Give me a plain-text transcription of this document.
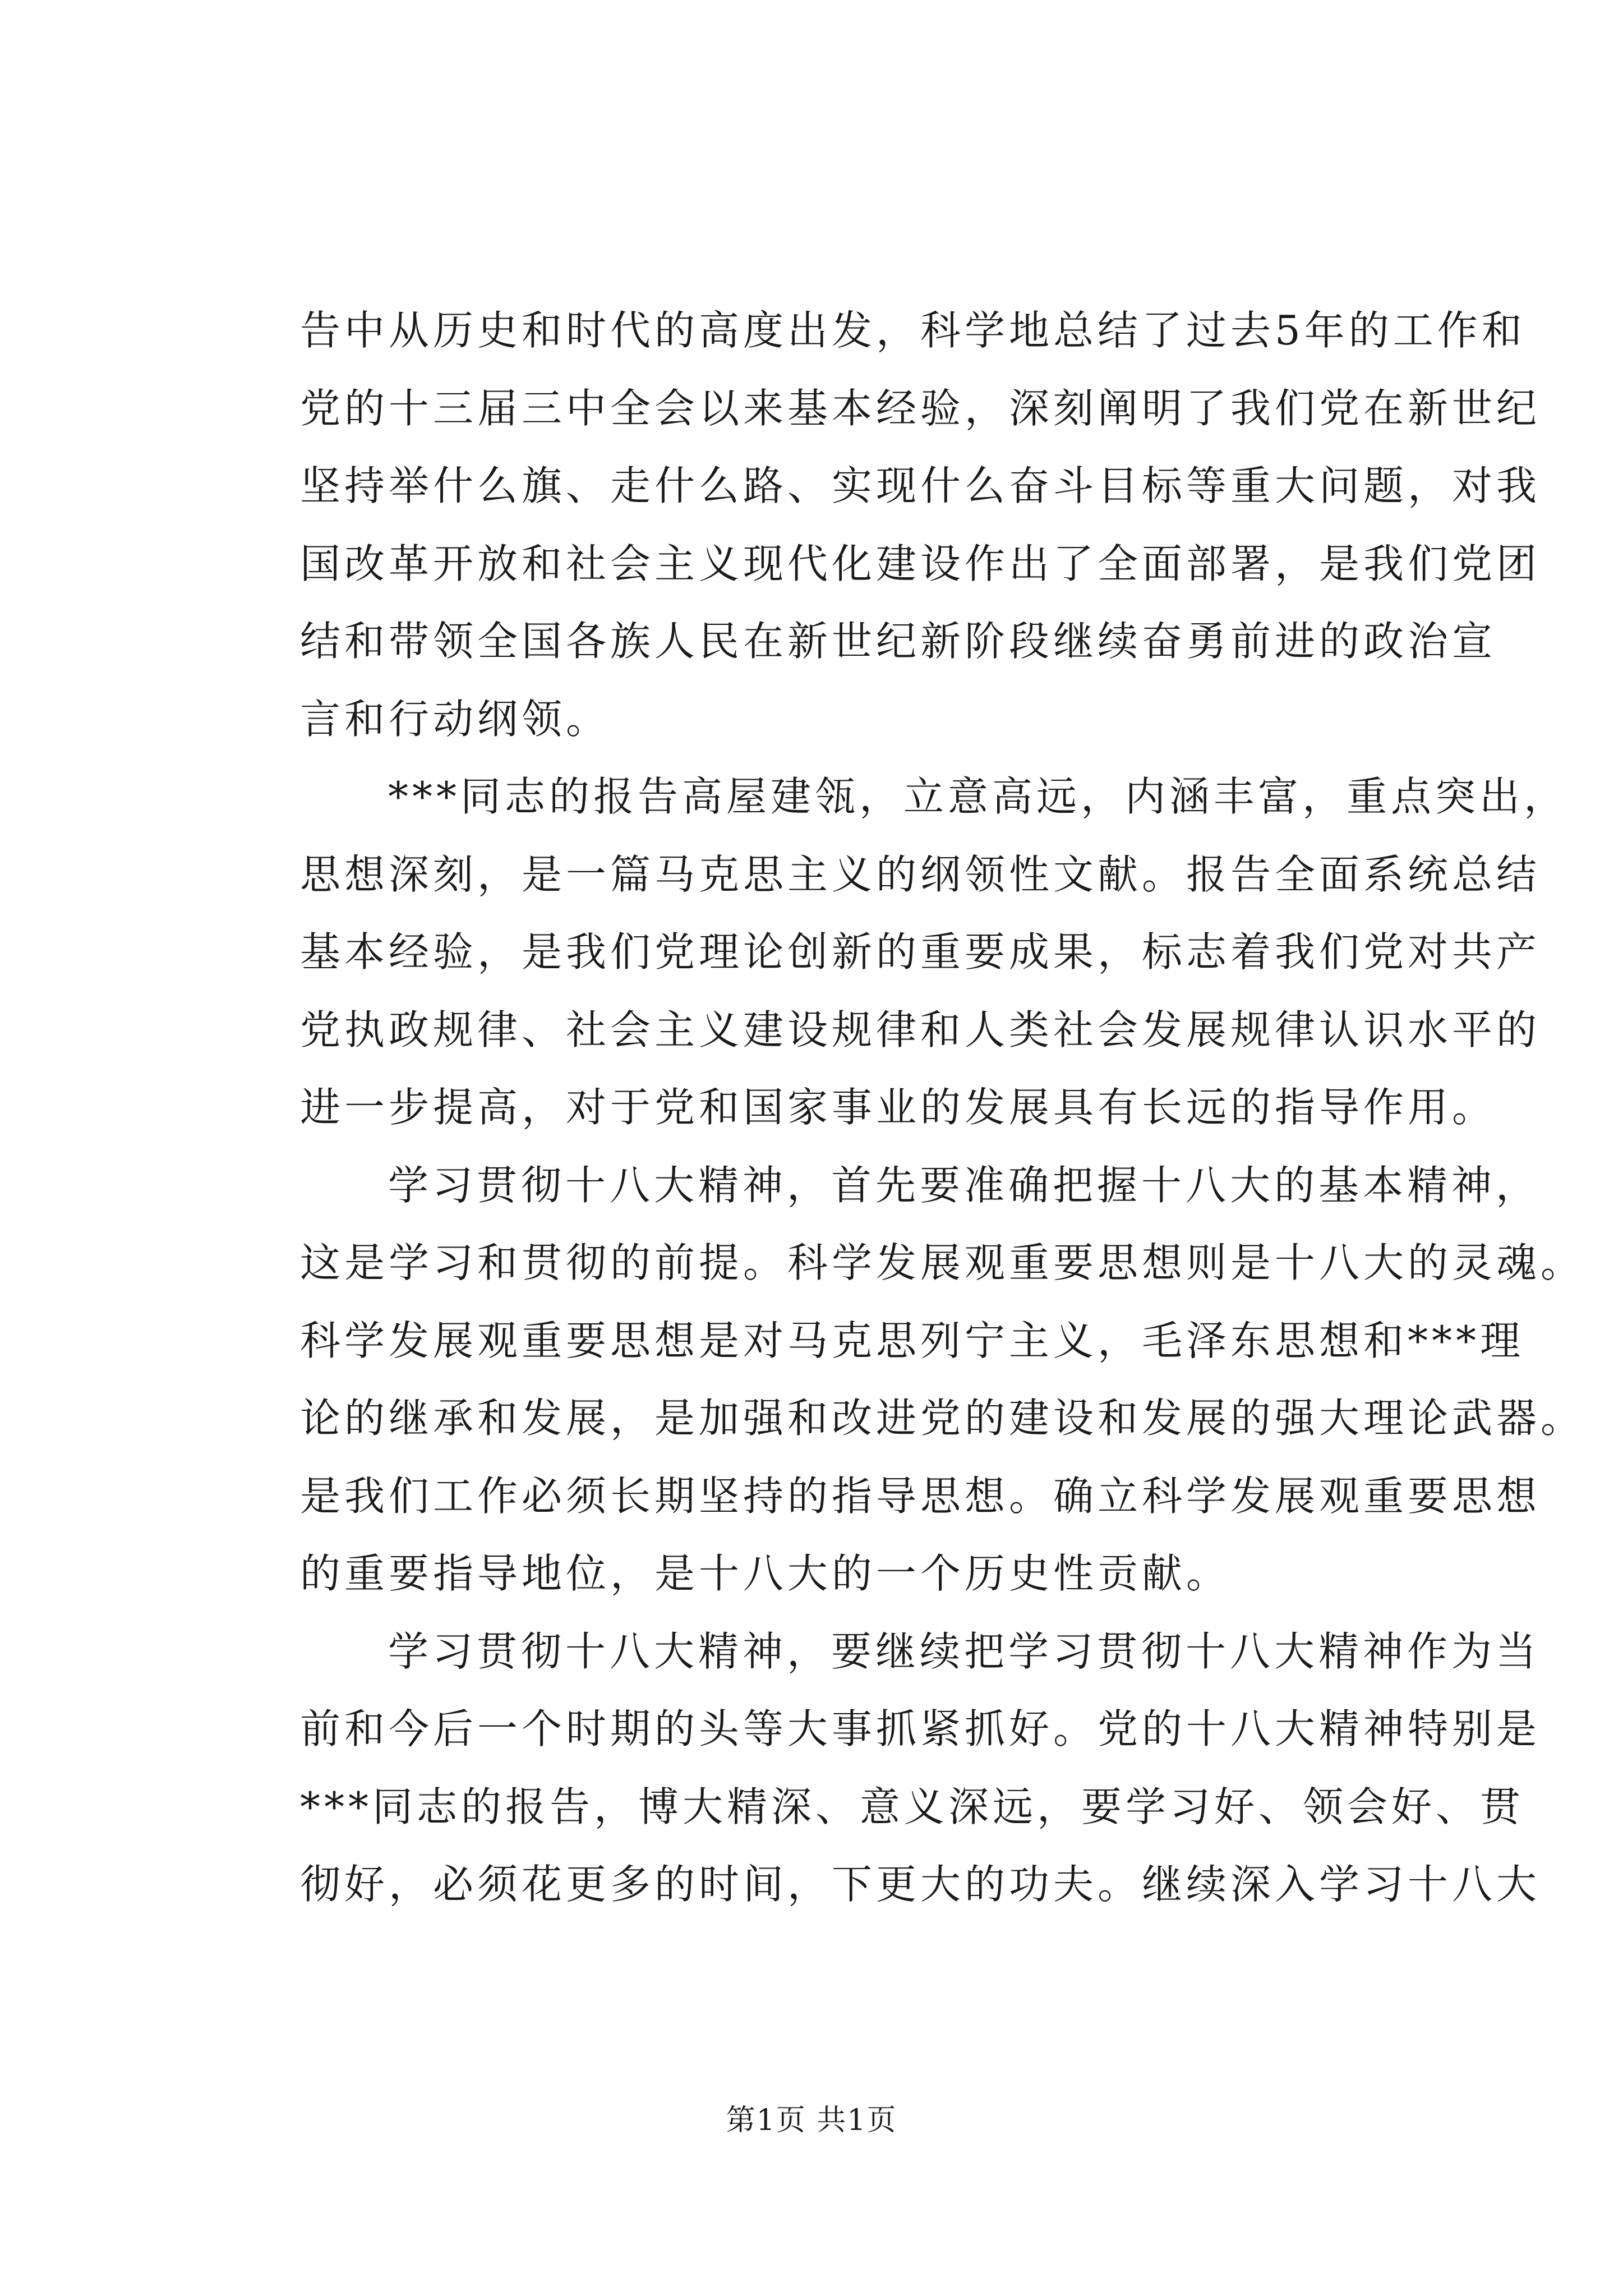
告中从历史和时代的高度出发，科学地总结了过去5年的工作和
党的十三届三中全会以来基本经验，深刻阐明了我们党在新世纪
坚持举什么旗、走什么路、实现什么奋斗目标等重大问题，对我
国改革开放和社会主义现代化建设作出了全面部署，是我们党团
结和带领全国各族人民在新世纪新阶段继续奋勇前进的政治宣
言和行动纲领。

***同志的报告高屋建瓴，立意高远，内涵丰富，重点突出，
思想深刻，是一篇马克思主义的纲领性文献。报告全面系统总结
基本经验，是我们党理论创新的重要成果，标志着我们党对共产
党执政规律、社会主义建设规律和人类社会发展规律认识水平的
进一步提高，对于党和国家事业的发展具有长远的指导作用。

学习贯彻十八大精神，首先要准确把握十八大的基本精神，
这是学习和贯彻的前提。科学发展观重要思想则是十八大的灵魂。
科学发展观重要思想是对马克思列宁主义，毛泽东思想和***理
论的继承和发展，是加强和改进党的建设和发展的强大理论武器。
是我们工作必须长期坚持的指导思想。确立科学发展观重要思想
的重要指导地位，是十八大的一个历史性贡献。

学习贯彻十八大精神，要继续把学习贯彻十八大精神作为当
前和今后一个时期的头等大事抓紧抓好。党的十八大精神特别是
***同志的报告，博大精深、意义深远，要学习好、领会好、贯
彻好，必须花更多的时间，下更大的功夫。继续深入学习十八大

第1页 共1页
